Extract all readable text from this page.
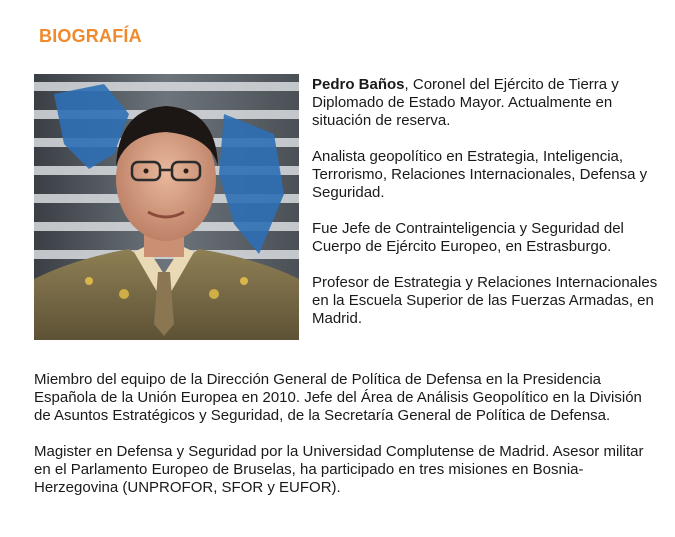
BIOGRAFÍA

Pedro Baños, Coronel del Ejército de Tierra y Diplomado de Estado Mayor. Actualmente en situación de reserva.

Analista geopolítico en Estrategia, Inteligencia, Terrorismo, Relaciones Internacionales, Defensa y Seguridad.

Fue Jefe de Contrainteligencia y Seguridad del Cuerpo de Ejército Europeo, en Estrasburgo.

Profesor de Estrategia y Relaciones Internacionales en la Escuela Superior de las Fuerzas Armadas, en Madrid.

Miembro del equipo de la Dirección General de Política de Defensa en la Presidencia Española de la Unión Europea en 2010. Jefe del Área de Análisis Geopolítico en la División de Asuntos Estratégicos y Seguridad, de la Secretaría General de Política de Defensa.

Magister en Defensa y Seguridad por la Universidad Complutense de Madrid. Asesor militar en el Parlamento Europeo de Bruselas, ha participado en tres misiones en Bosnia-Herzegovina (UNPROFOR, SFOR y EUFOR).
